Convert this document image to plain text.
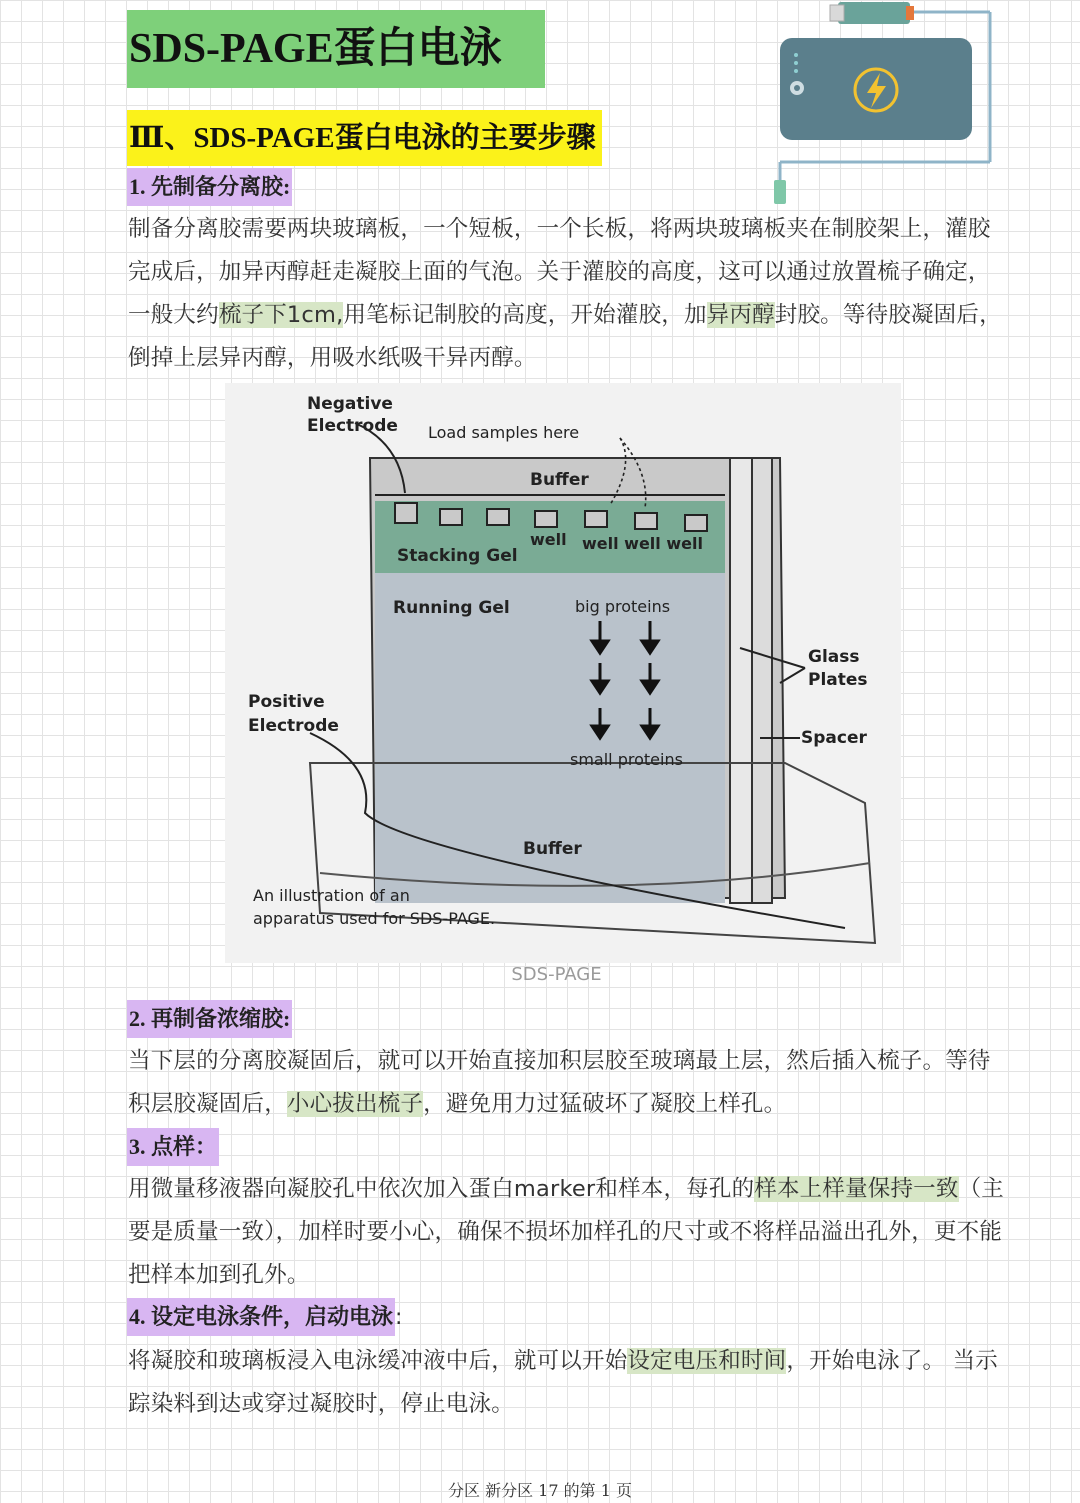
SDS-PAGE蛋白电泳
Ⅲ、SDS-PAGE蛋白电泳的主要步骤
1. 先制备分离胶:
制备分离胶需要两块玻璃板，一个短板，一个长板，将两块玻璃板夹在制胶架上，灌胶完成后，加异丙醇赶走凝胶上面的气泡。关于灌胶的高度，这可以通过放置梳子确定，一般大约梳子下1cm,用笔标记制胶的高度，开始灌胶，加异丙醇封胶。等待胶凝固后，倒掉上层异丙醇，用吸水纸吸干异丙醇。
Negative
Electrode Load samples here
Buffer
well well well well
Stacking Gel
Running Gel	big proteins
small proteins
Glass
Plates
Spacer
Positive
Electrode
Buffer
An illustration of an
apparatus used for SDS-PAGE.
SDS-PAGE
2. 再制备浓缩胶:
当下层的分离胶凝固后，就可以开始直接加积层胶至玻璃最上层，然后插入梳子。等待积层胶凝固后，小心拔出梳子，避免用力过猛破坏了凝胶上样孔。
3. 点样：
用微量移液器向凝胶孔中依次加入蛋白marker和样本，每孔的样本上样量保持一致（主要是质量一致），加样时要小心，确保不损坏加样孔的尺寸或不将样品溢出孔外，更不能把样本加到孔外。
4. 设定电泳条件，启动电泳:
将凝胶和玻璃板浸入电泳缓冲液中后，就可以开始设定电压和时间，开始电泳了。 当示踪染料到达或穿过凝胶时，停止电泳。
分区 新分区 17 的第 1 页
